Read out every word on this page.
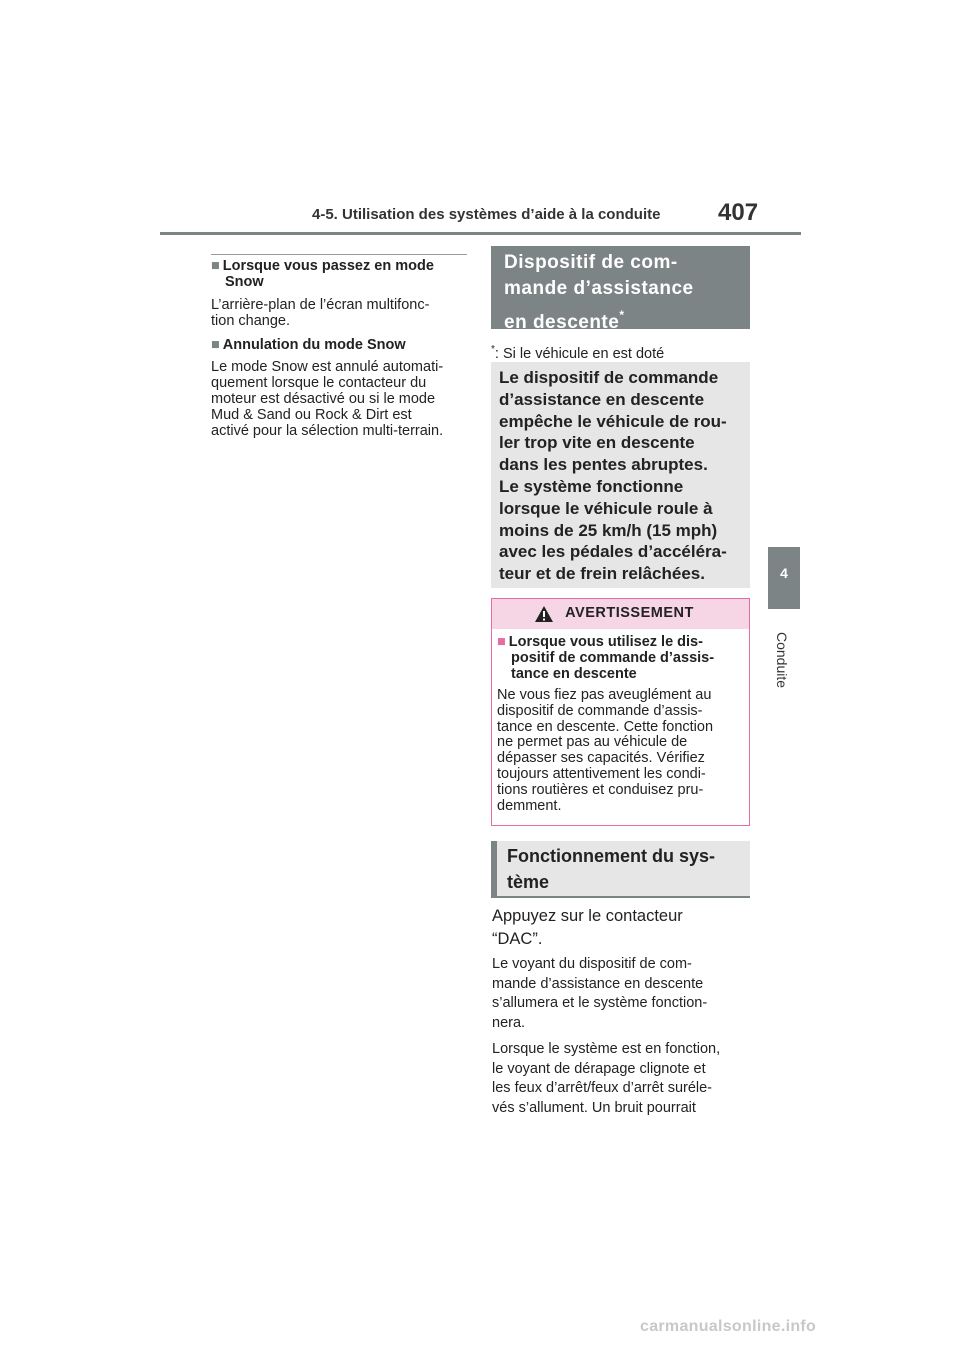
4-5. Utilisation des systèmes d’aide à la conduite 407
4
Conduite
■ Lorsque vous passez en mode
Snow
L’arrière-plan de l’écran multifonc-
tion change.
■ Annulation du mode Snow
Le mode Snow est annulé automati-
quement lorsque le contacteur du
moteur est désactivé ou si le mode
Mud & Sand ou Rock & Dirt est
activé pour la sélection multi-terrain.
Dispositif de com-
mande d’assistance
en descente*
*: Si le véhicule en est doté
Le dispositif de commande
d’assistance en descente
empêche le véhicule de rou-
ler trop vite en descente
dans les pentes abruptes.
Le système fonctionne
lorsque le véhicule roule à
moins de 25 km/h (15 mph)
avec les pédales d’accéléra-
teur et de frein relâchées.
AVERTISSEMENT
■ Lorsque vous utilisez le dis-
positif de commande d’assis-
tance en descente
Ne vous fiez pas aveuglément au
dispositif de commande d’assis-
tance en descente. Cette fonction
ne permet pas au véhicule de
dépasser ses capacités. Vérifiez
toujours attentivement les condi-
tions routières et conduisez pru-
demment.
Fonctionnement du sys-
tème
Appuyez sur le contacteur
“DAC”.
Le voyant du dispositif de com-
mande d’assistance en descente
s’allumera et le système fonction-
nera.
Lorsque le système est en fonction,
le voyant de dérapage clignote et
les feux d’arrêt/feux d’arrêt suréle-
vés s’allument. Un bruit pourrait
carmanualsonline.info
